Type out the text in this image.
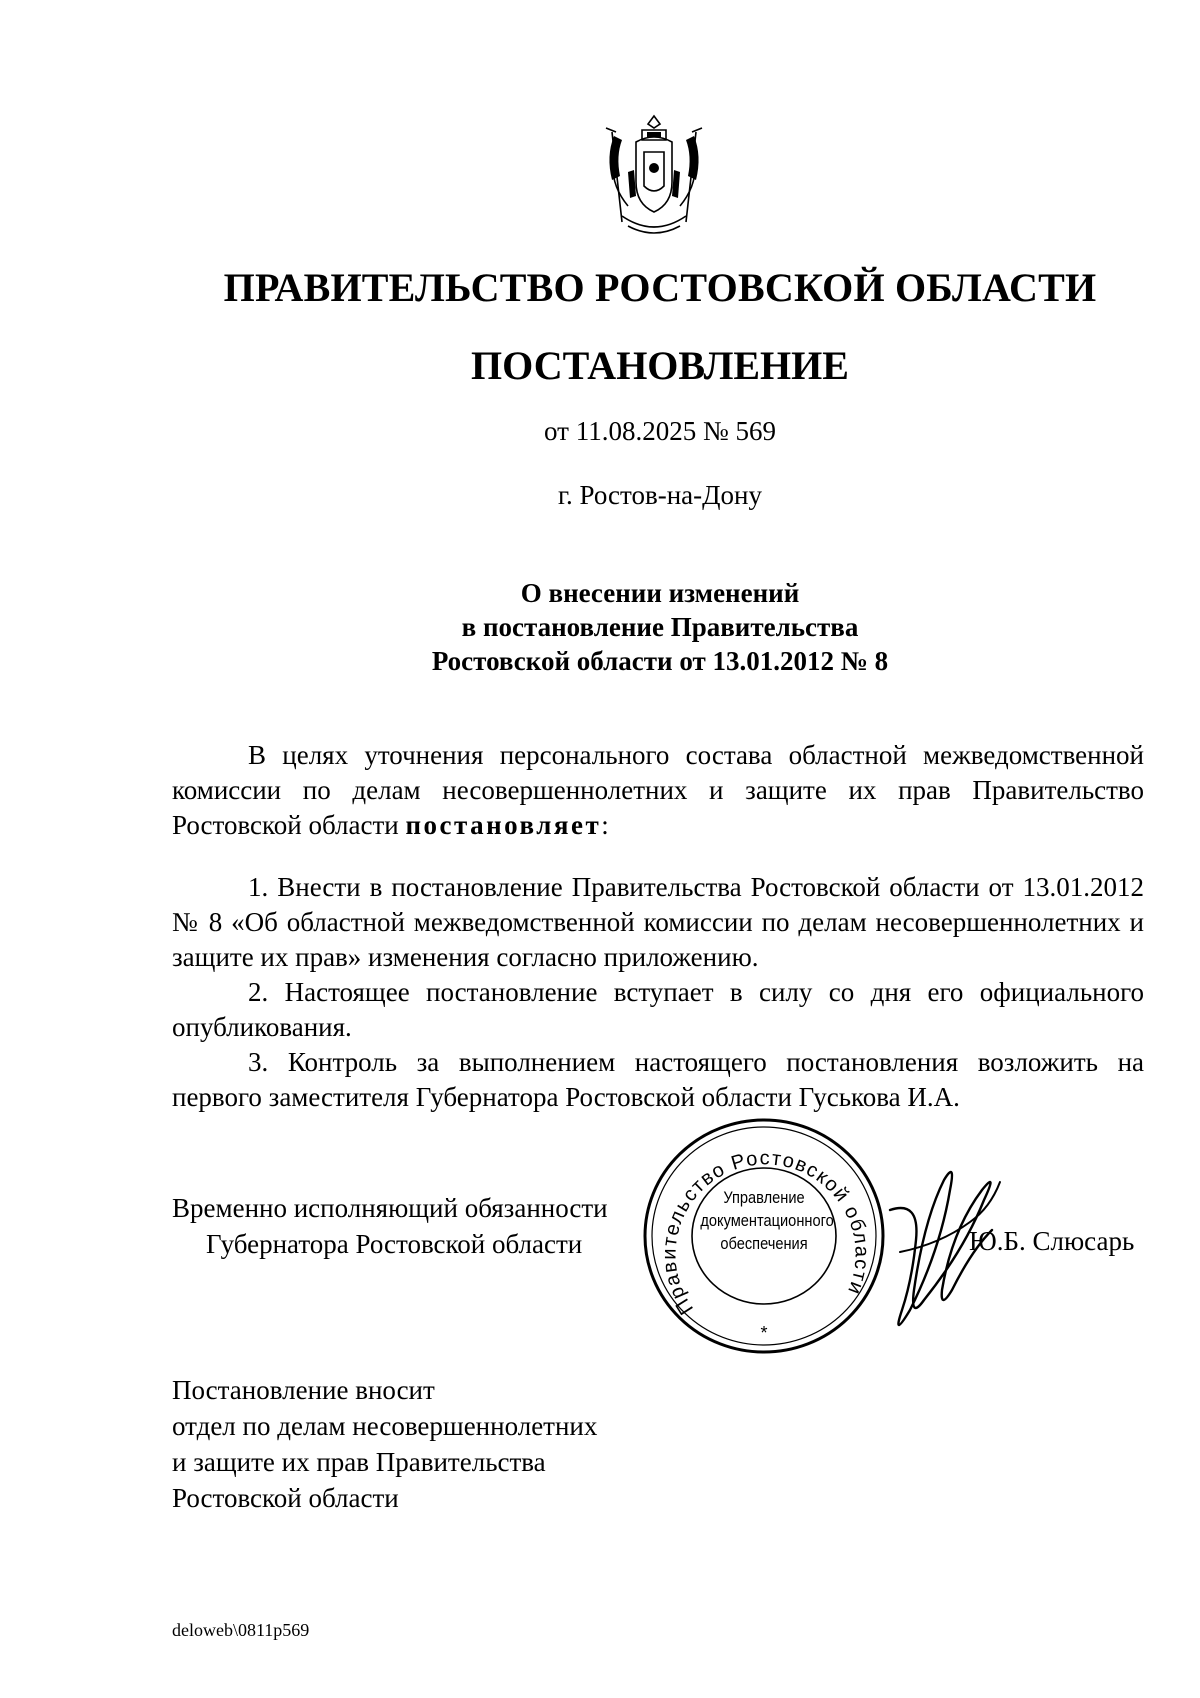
ПРАВИТЕЛЬСТВО РОСТОВСКОЙ ОБЛАСТИ
ПОСТАНОВЛЕНИЕ
от 11.08.2025 № 569
г. Ростов-на-Дону
О внесении изменений
в постановление Правительства
Ростовской области от 13.01.2012 № 8

В целях уточнения персонального состава областной межведомственной комиссии по делам несовершеннолетних и защите их прав Правительство Ростовской области постановляет:

1. Внести в постановление Правительства Ростовской области от 13.01.2012 № 8 «Об областной межведомственной комиссии по делам несовершеннолетних и защите их прав» изменения согласно приложению.

2. Настоящее постановление вступает в силу со дня его официального опубликования.

3. Контроль за выполнением настоящего постановления возложить на первого заместителя Губернатора Ростовской области Гуськова И.А.

Временно исполняющий обязанности
Губернатора Ростовской области
Правительство Ростовской области
*
Управление
документационного
обеспечения	Ю.Б. Слюсарь
Постановление вносит
отдел по делам несовершеннолетних
и защите их прав Правительства
Ростовской области
deloweb\0811p569
